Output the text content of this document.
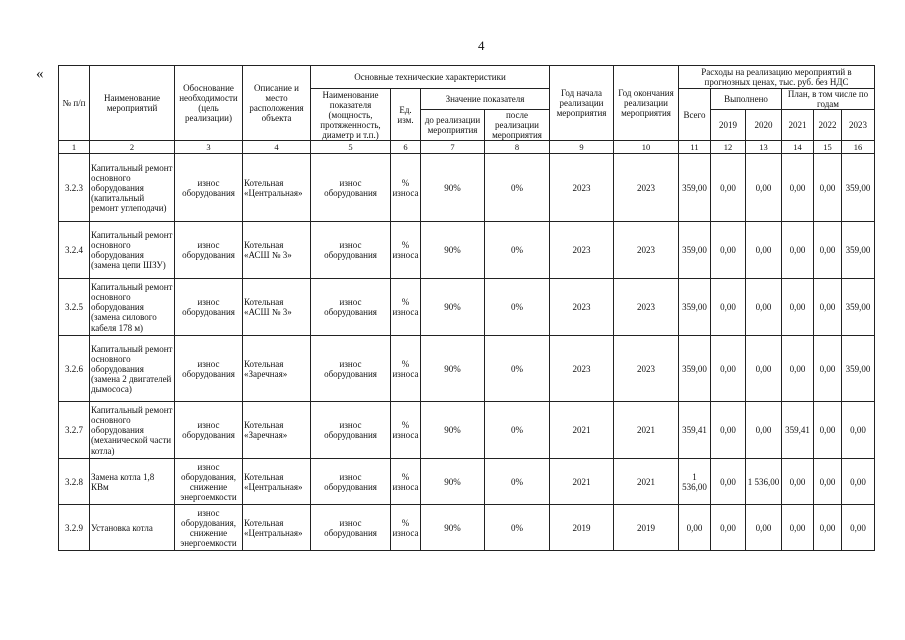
4
«
№ п/п	Наименование мероприятий	Обоснование необходимости (цель реализации)	Описание и место расположения объекта	Основные технические характеристики				Год начала реализации мероприятия	Год окончания реализации мероприятия	Расходы на реализацию мероприятий в прогнозных ценах, тыс. руб. без НДС					
				Наименование показателя (мощность, протяженность, диаметр и т.п.)	Ед. изм.	Значение показателя				Всего	Выполнено		План, в том числе по годам		
						до реализации мероприятия	после реализации мероприятия				2019	2020	2021	2022	2023
1	2	3	4	5	6	7	8	9	10	11	12	13	14	15	16
3.2.3	Капитальный ремонт основного оборудования (капитальный ремонт углеподачи)	износ оборудования	Котельная «Центральная»	износ оборудования	% износа	90%	0%	2023	2023	359,00	0,00	0,00	0,00	0,00	359,00
3.2.4	Капитальный ремонт основного оборудования (замена цепи ШЗУ)	износ оборудования	Котельная «АСШ № 3»	износ оборудования	% износа	90%	0%	2023	2023	359,00	0,00	0,00	0,00	0,00	359,00
3.2.5	Капитальный ремонт основного оборудования (замена силового кабеля 178 м)	износ оборудования	Котельная «АСШ № 3»	износ оборудования	% износа	90%	0%	2023	2023	359,00	0,00	0,00	0,00	0,00	359,00
3.2.6	Капитальный ремонт основного оборудования (замена 2 двигателей дымососа)	износ оборудования	Котельная «Заречная»	износ оборудования	% износа	90%	0%	2023	2023	359,00	0,00	0,00	0,00	0,00	359,00
3.2.7	Капитальный ремонт основного оборудования (механической части котла)	износ оборудования	Котельная «Заречная»	износ оборудования	% износа	90%	0%	2021	2021	359,41	0,00	0,00	359,41	0,00	0,00
3.2.8	Замена котла 1,8 КВм	износ оборудования, снижение энергоемкости	Котельная «Центральная»	износ оборудования	% износа	90%	0%	2021	2021	1 536,00	0,00	1 536,00	0,00	0,00	0,00
3.2.9	Установка котла	износ оборудования, снижение энергоемкости	Котельная «Центральная»	износ оборудования	% износа	90%	0%	2019	2019	0,00	0,00	0,00	0,00	0,00	0,00
